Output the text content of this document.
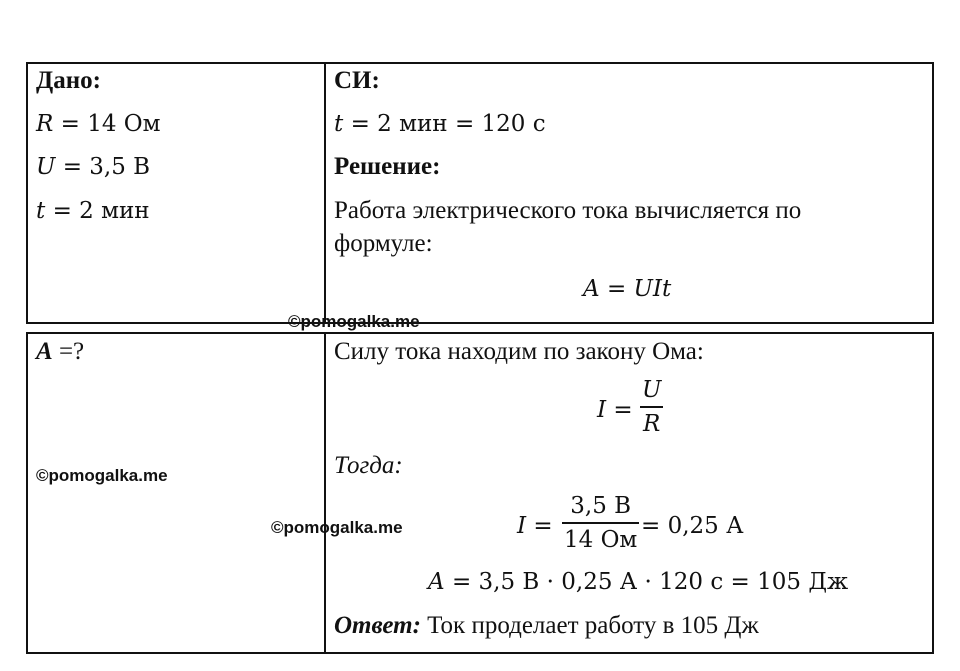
Дано:
R = 14 Ом
U = 3,5 В
t = 2 мин
A =?
СИ:
t = 2 мин = 120 с
Решение:
Работа электрического тока вычисляется по
формуле:
A = UIt
Силу тока находим по закону Ома:
I =
U
R
Тогда:
I =
3,5 В
14 Ом
= 0,25 А
A = 3,5 В · 0,25 А · 120 с = 105 Дж
Ответ: Ток проделает работу в 105 Дж
©pomogalka.me
©pomogalka.me
©pomogalka.me
